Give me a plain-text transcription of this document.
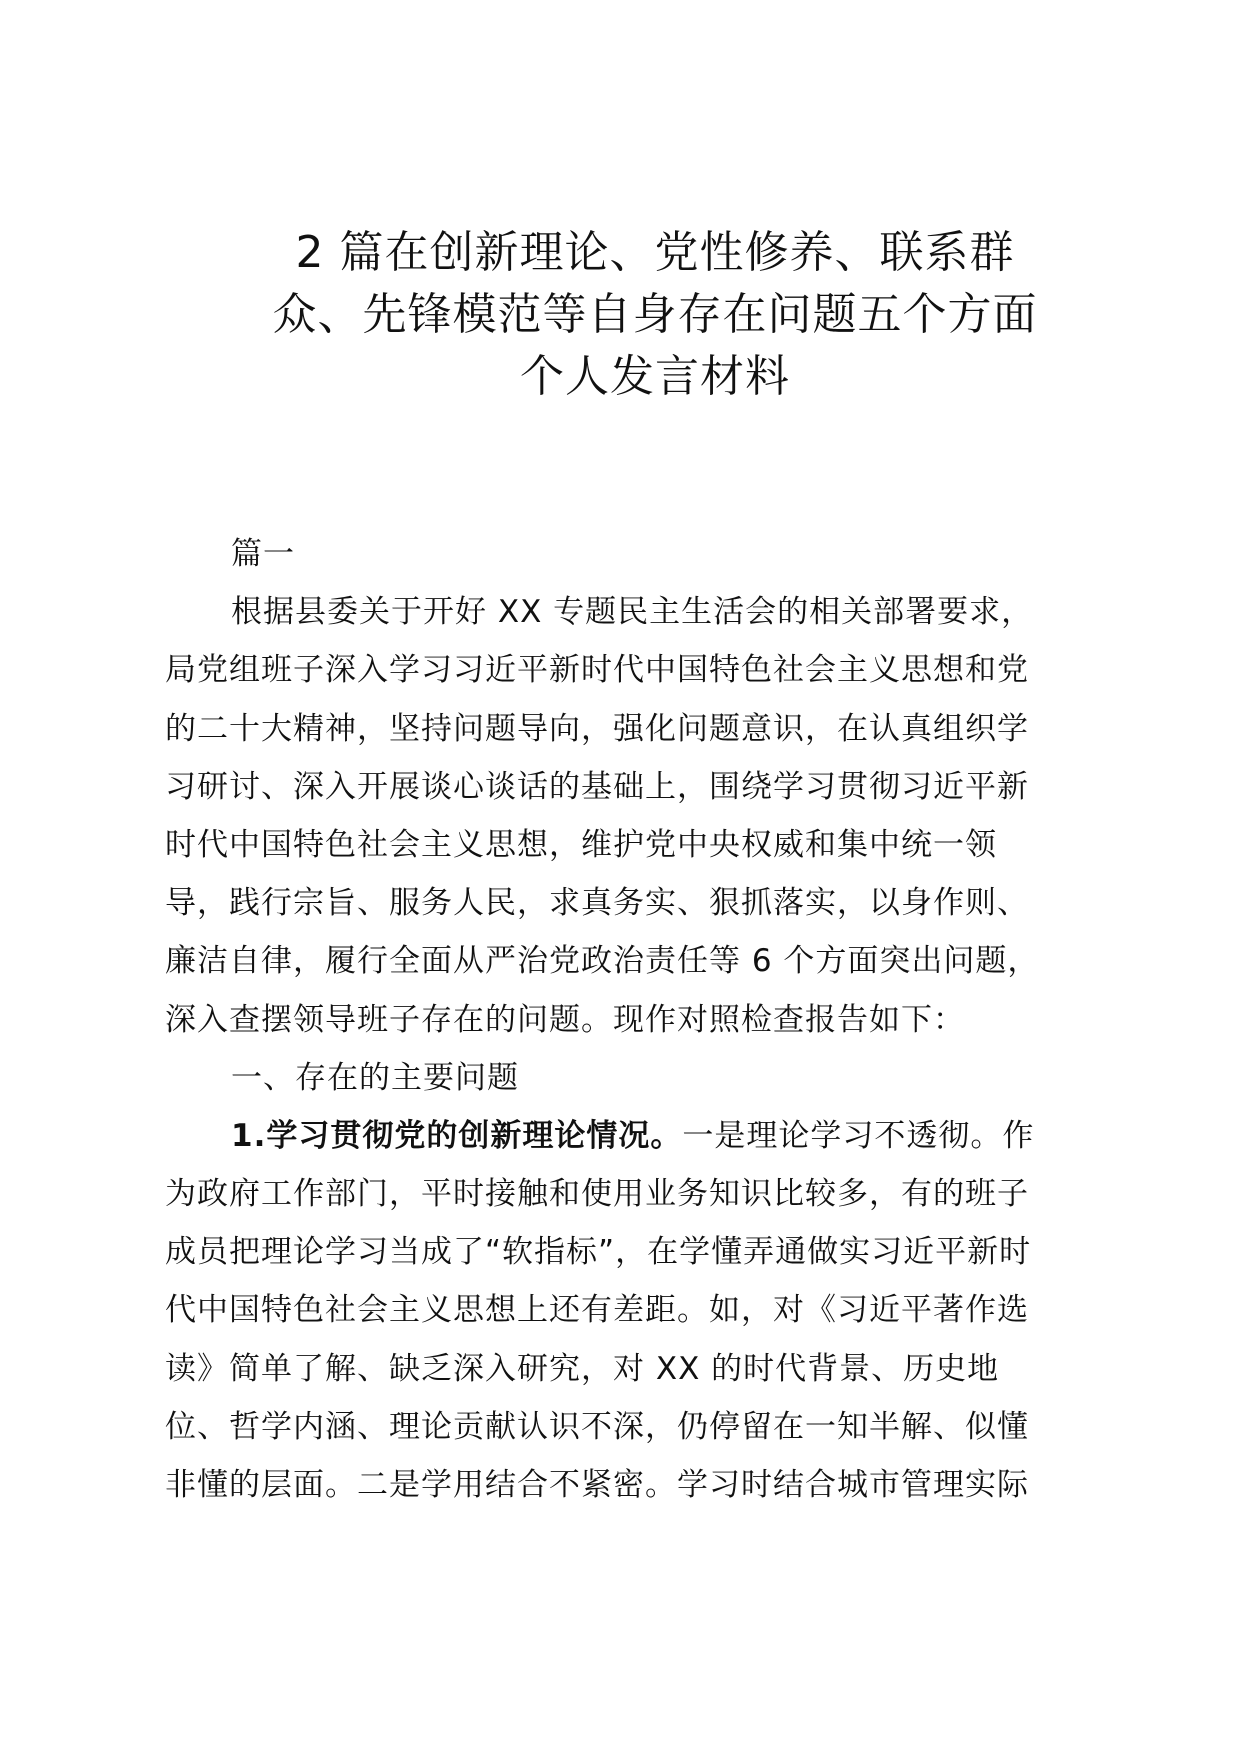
2 篇在创新理论、党性修养、联系群
众、先锋模范等自身存在问题五个方面
个人发言材料
篇一
根据县委关于开好 XX 专题民主生活会的相关部署要求，
局党组班子深入学习习近平新时代中国特色社会主义思想和党
的二十大精神，坚持问题导向，强化问题意识，在认真组织学
习研讨、深入开展谈心谈话的基础上，围绕学习贯彻习近平新
时代中国特色社会主义思想，维护党中央权威和集中统一领
导，践行宗旨、服务人民，求真务实、狠抓落实，以身作则、
廉洁自律，履行全面从严治党政治责任等 6 个方面突出问题，
深入查摆领导班子存在的问题。现作对照检查报告如下：
一、存在的主要问题
1.学习贯彻党的创新理论情况。一是理论学习不透彻。作
为政府工作部门，平时接触和使用业务知识比较多，有的班子
成员把理论学习当成了“软指标”，在学懂弄通做实习近平新时
代中国特色社会主义思想上还有差距。如，对《习近平著作选
读》简单了解、缺乏深入研究，对 XX 的时代背景、历史地
位、哲学内涵、理论贡献认识不深，仍停留在一知半解、似懂
非懂的层面。二是学用结合不紧密。学习时结合城市管理实际
